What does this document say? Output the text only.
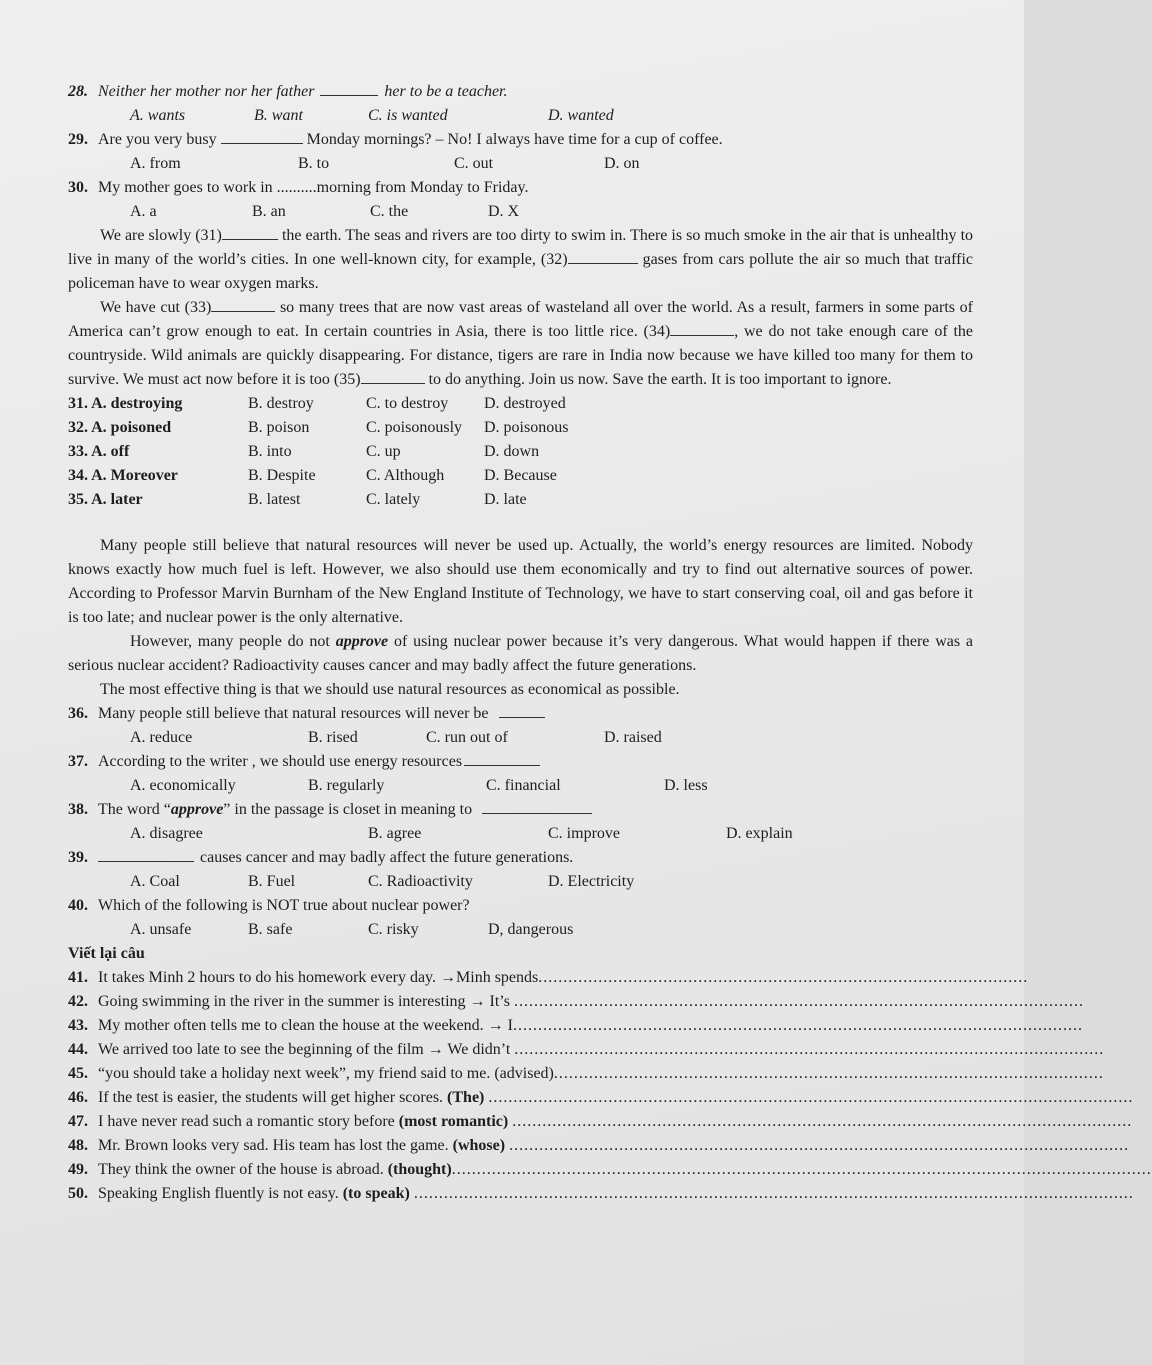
28. Neither her mother nor her father	her to be a teacher.
A. wants	B. want	C. is wanted	D. wanted
29. Are you very busy	Monday mornings? – No! I always have time for a cup of coffee.
A. from	B. to	C. out	D. on
30. My mother goes to work in ..........morning from Monday to Friday.
A. a	B. an	C. the	D. X

We are slowly (31)	the earth. The seas and rivers are too dirty to swim in. There is so much smoke in the air that is unhealthy to live in many of the world’s cities. In one well-known city, for example, (32)	gases from cars pollute the air so much that traffic policeman have to wear oxygen marks.

We have cut (33)	so many trees that are now vast areas of wasteland all over the world. As a result, farmers in some parts of America can’t grow enough to eat. In certain countries in Asia, there is too little rice. (34)	, we do not take enough care of the countryside. Wild animals are quickly disappearing. For distance, tigers are rare in India now because we have killed too many for them to survive. We must act now before it is too (35)	to do anything. Join us now. Save the earth. It is too important to ignore.

31. A. destroying	B. destroy	C. to destroy	D. destroyed
32. A. poisoned	B. poison	C. poisonously	D. poisonous
33. A. off	B. into	C. up	D. down
34. A. Moreover	B. Despite	C. Although	D. Because
35. A. later	B. latest	C. lately	D. late

Many people still believe that natural resources will never be used up. Actually, the world’s energy resources are limited. Nobody knows exactly how much fuel is left. However, we also should use them economically and try to find out alternative sources of power. According to Professor Marvin Burnham of the New England Institute of Technology, we have to start conserving coal, oil and gas before it is too late; and nuclear power is the only alternative.

However, many people do not approve of using nuclear power because it’s very dangerous. What would happen if there was a serious nuclear accident? Radioactivity causes cancer and may badly affect the future generations.

The most effective thing is that we should use natural resources as economical as possible.

36. Many people still believe that natural resources will never be
A. reduce	B. rised	C. run out of	D. raised
37. According to the writer , we should use energy resources
A. economically	B. regularly	C. financial	D. less
38. The word “ approve ” in the passage is closet in meaning to
A. disagree	B. agree	C. improve	D. explain
39.	causes cancer and may badly affect the future generations.
A. Coal	B. Fuel	C. Radioactivity	D. Electricity
40. Which of the following is NOT true about nuclear power?
A. unsafe	B. safe	C. risky	D, dangerous
Viết lại câu
41. It takes Minh 2 hours to do his homework every day. →Minh spends ..................................................................................................
42. Going swimming in the river in the summer is interesting → It’s ..................................................................................................................
43. My mother often tells me to clean the house at the weekend. → I ..................................................................................................................
44. We arrived too late to see the beginning of the film → We didn’t ......................................................................................................................
45. “you should take a holiday next week”, my friend said to me. (advised) ..............................................................................................................
46. If the test is easier, the students will get higher scores.
(The) .................................................................................................................................
47. I have never read such a romantic story before
(most romantic) ............................................................................................................................
48. Mr. Brown looks very sad. His team has lost the game.
(whose) ............................................................................................................................
49. They think the owner of the house is abroad.
(thought) ............................................................................................................................................
50. Speaking English fluently is not easy.
(to speak) ................................................................................................................................................
